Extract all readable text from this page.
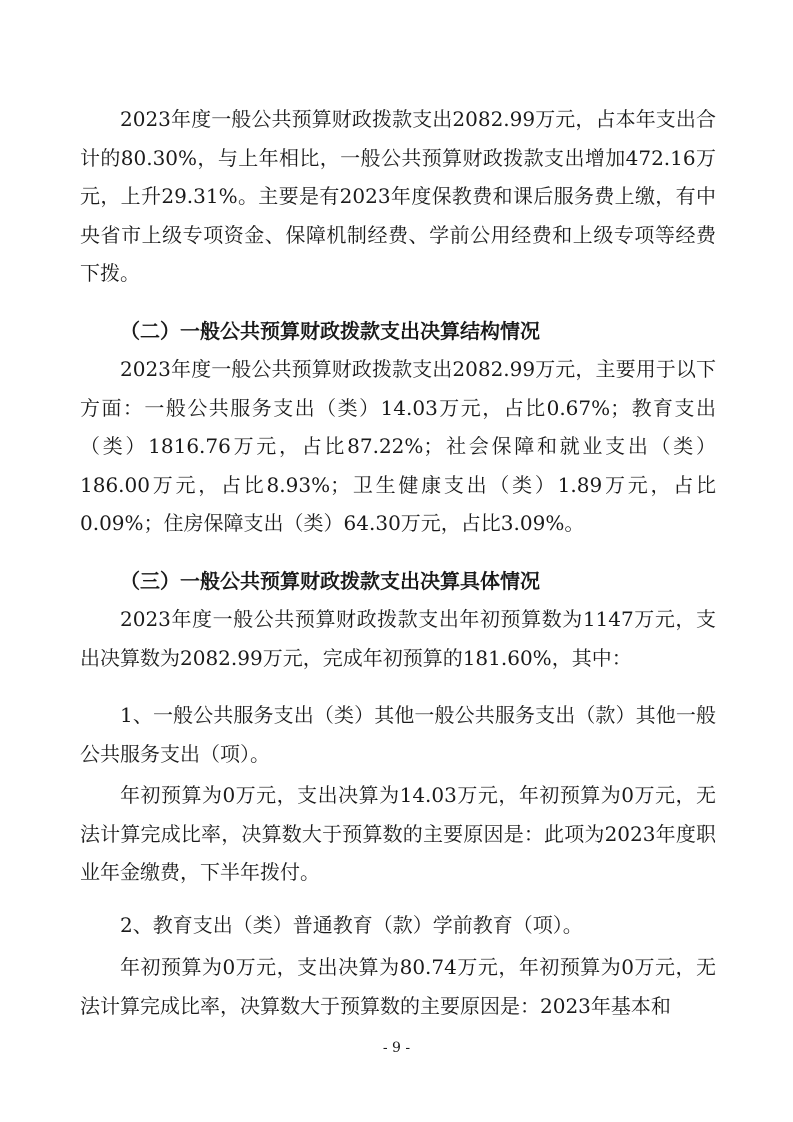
2023年度一般公共预算财政拨款支出2082.99万元，占本年支出合计的80.30%，与上年相比，一般公共预算财政拨款支出增加472.16万元，上升29.31%。主要是有2023年度保教费和课后服务费上缴，有中央省市上级专项资金、保障机制经费、学前公用经费和上级专项等经费下拨。

（二）一般公共预算财政拨款支出决算结构情况

2023年度一般公共预算财政拨款支出2082.99万元，主要用于以下方面：一般公共服务支出（类）14.03万元，占比0.67%；教育支出（类）1816.76万元，占比87.22%；社会保障和就业支出（类）186.00万元，占比8.93%；卫生健康支出（类）1.89万元，占比0.09%；住房保障支出（类）64.30万元，占比3.09%。

（三）一般公共预算财政拨款支出决算具体情况

2023年度一般公共预算财政拨款支出年初预算数为1147万元，支出决算数为2082.99万元，完成年初预算的181.60%，其中：

1、一般公共服务支出（类）其他一般公共服务支出（款）其他一般公共服务支出（项）。

年初预算为0万元，支出决算为14.03万元，年初预算为0万元，无法计算完成比率，决算数大于预算数的主要原因是：此项为2023年度职业年金缴费，下半年拨付。

2、教育支出（类）普通教育（款）学前教育（项）。

年初预算为0万元，支出决算为80.74万元，年初预算为0万元，无法计算完成比率，决算数大于预算数的主要原因是：2023年基本和

- 9 -
